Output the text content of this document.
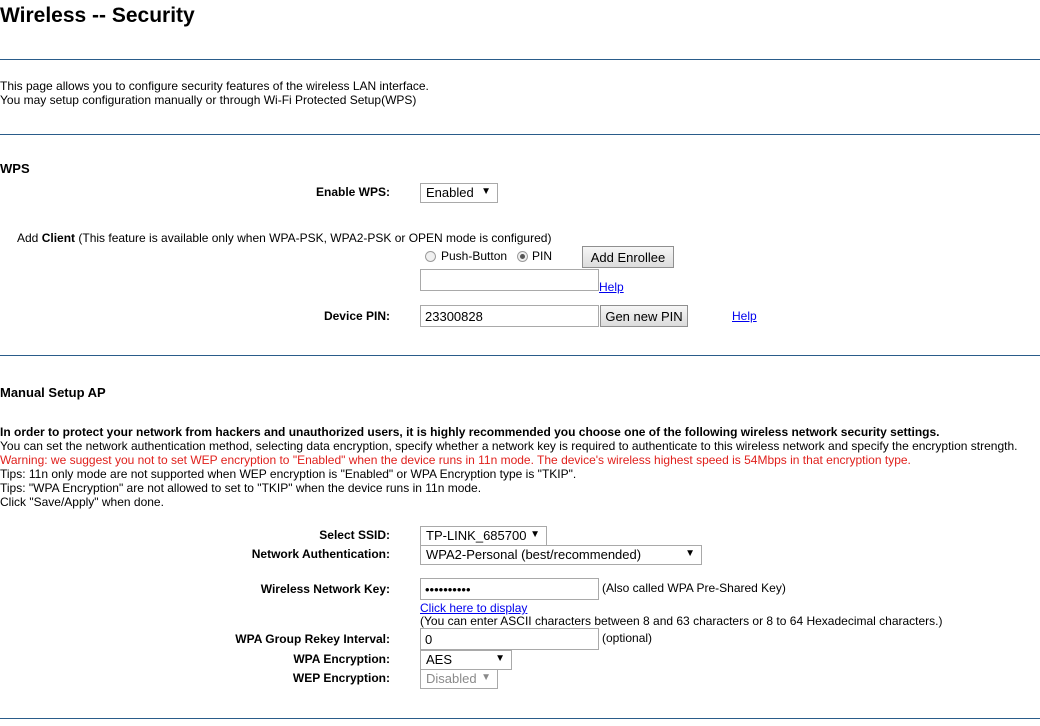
Wireless -- Security
This page allows you to configure security features of the wireless LAN interface.
You may setup configuration manually or through Wi-Fi Protected Setup(WPS)
WPS
Enable WPS:	Enabled ▼
Add Client (This feature is available only when WPA-PSK, WPA2-PSK or OPEN mode is configured)
Push-Button PIN	Add Enrollee
Help
Device PIN:	23300828	Gen new PIN	Help
Manual Setup AP
In order to protect your network from hackers and unauthorized users, it is highly recommended you choose one of the following wireless network security settings.
You can set the network authentication method, selecting data encryption, specify whether a network key is required to authenticate to this wireless network and specify the encryption strength.
Warning: we suggest you not to set WEP encryption to "Enabled" when the device runs in 11n mode. The device's wireless highest speed is 54Mbps in that encryption type.
Tips: 11n only mode are not supported when WEP encryption is "Enabled" or WPA Encryption type is "TKIP".
Tips: "WPA Encryption" are not allowed to set to "TKIP" when the device runs in 11n mode.
Click "Save/Apply" when done.
Select SSID:	TP-LINK_685700 ▼
Network Authentication:	WPA2-Personal (best/recommended)	▼
Wireless Network Key:	••••••••••	(Also called WPA Pre-Shared Key)
Click here to display
(You can enter ASCII characters between 8 and 63 characters or 8 to 64 Hexadecimal characters.)
WPA Group Rekey Interval:	0	(optional)
WPA Encryption:	AES	▼
WEP Encryption:	Disabled ▼
